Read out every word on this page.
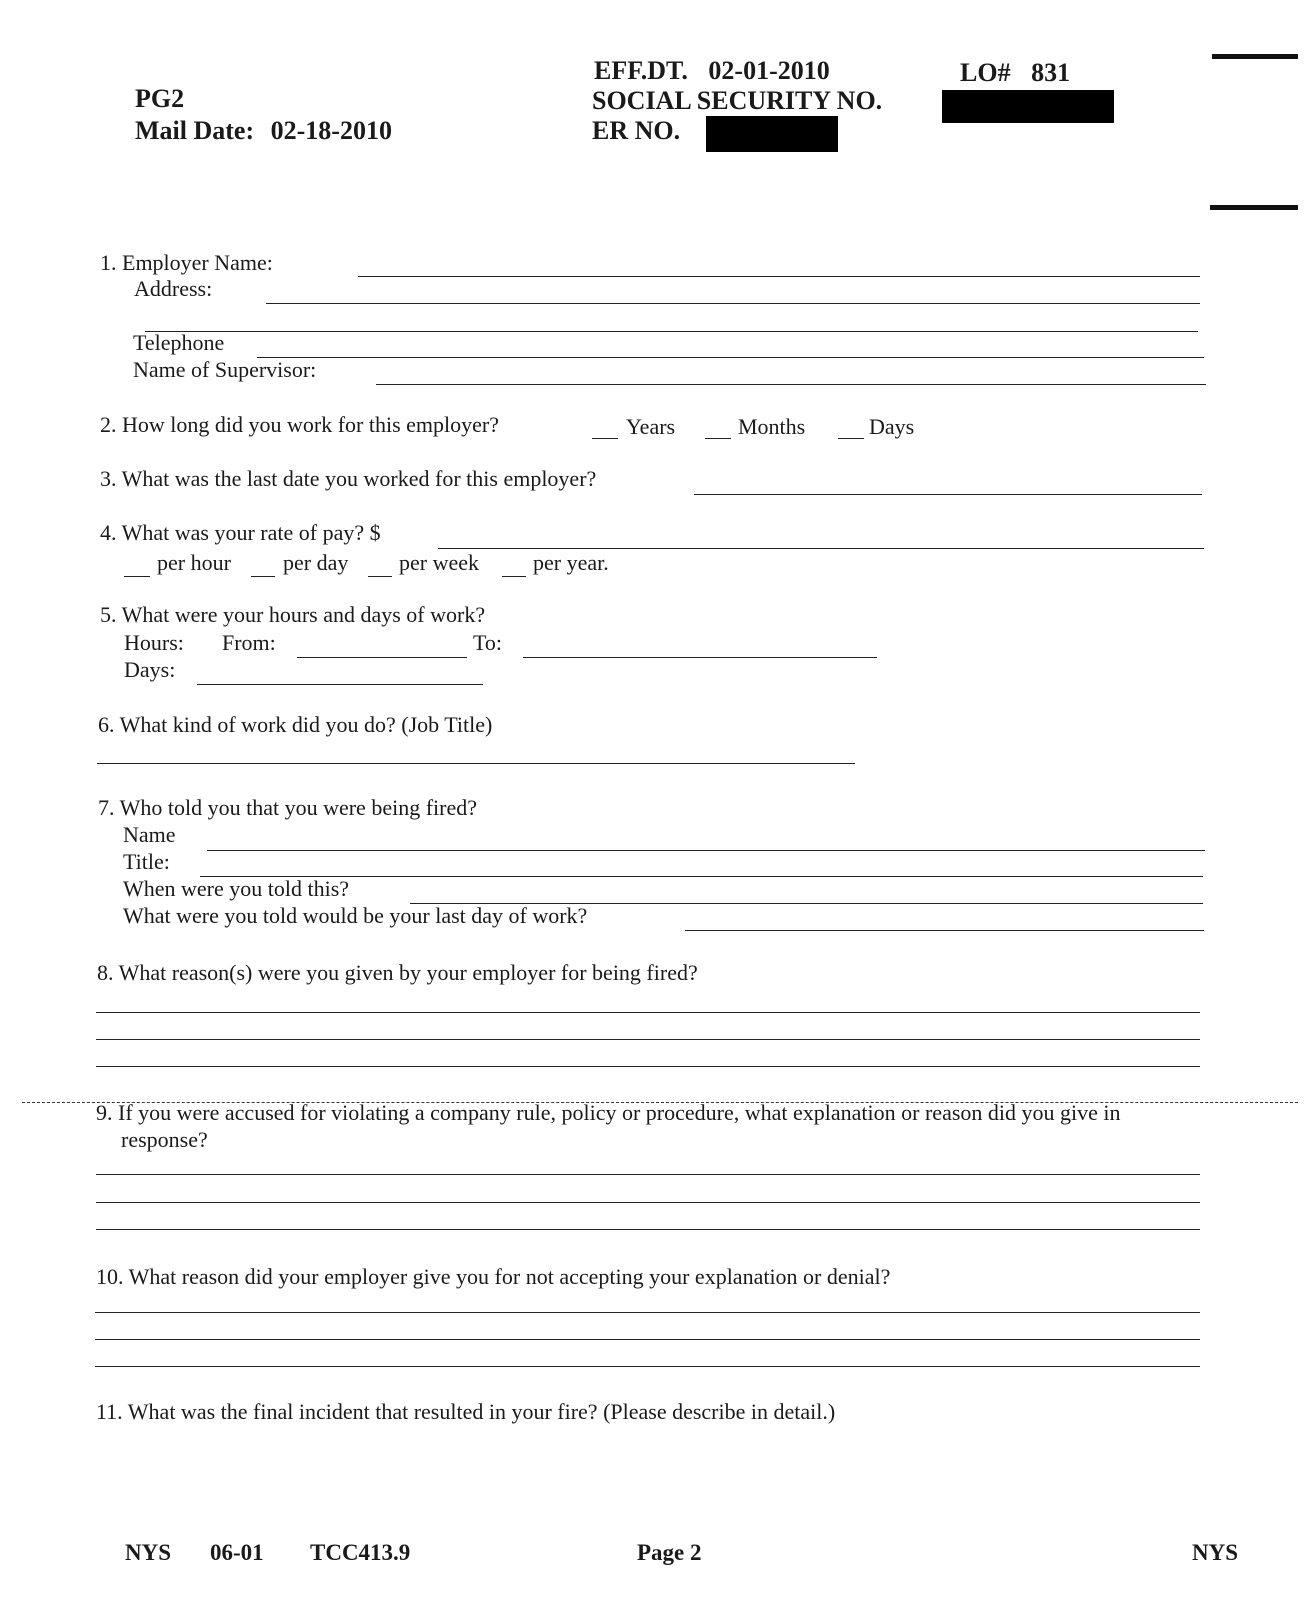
PG2
Mail Date: 02-18-2010
EFF.DT. 02-01-2010	LO# 831
SOCIAL SECURITY NO.
ER NO.
1. Employer Name:
Address:
Telephone
Name of Supervisor:
2. How long did you work for this employer?	Years	Months	Days
3. What was the last date you worked for this employer?
4. What was your rate of pay? $
per hour per day per week per year.
5. What were your hours and days of work?
Hours: From:	To:
Days:
6. What kind of work did you do? (Job Title)
7. Who told you that you were being fired?
Name
Title:
When were you told this?
What were you told would be your last day of work?
8. What reason(s) were you given by your employer for being fired?
9. If you were accused for violating a company rule, policy or procedure, what explanation or reason did you give in
response?
10. What reason did your employer give you for not accepting your explanation or denial?
11. What was the final incident that resulted in your fire? (Please describe in detail.)
NYS 06-01 TCC413.9	Page 2	NYS
